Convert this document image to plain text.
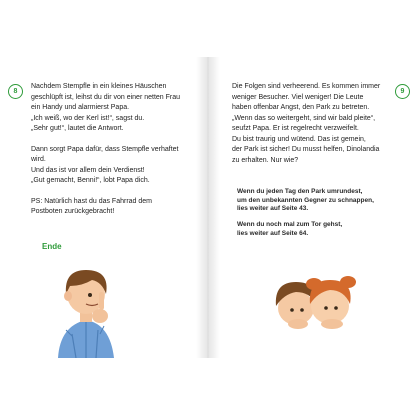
8	9

Nachdem Stempfle in ein kleines Häuschen

geschlüpft ist, leihst du dir von einer netten Frau

ein Handy und alarmierst Papa.

„Ich weiß, wo der Kerl ist!“, sagst du.

„Sehr gut!“, lautet die Antwort.

Dann sorgt Papa dafür, dass Stempfle verhaftet

wird.

Und das ist vor allem dein Verdienst!

„Gut gemacht, Benni!“, lobt Papa dich.

PS: Natürlich hast du das Fahrrad dem

Postboten zurückgebracht!

Ende

Die Folgen sind verheerend. Es kommen immer

weniger Besucher. Viel weniger! Die Leute

haben offenbar Angst, den Park zu betreten.

„Wenn das so weitergeht, sind wir bald pleite“,

seufzt Papa. Er ist regelrecht verzweifelt.

Du bist traurig und wütend. Das ist gemein,

der Park ist sicher! Du musst helfen, Dinolandia

zu erhalten. Nur wie?

Wenn du jeden Tag den Park umrundest,

um den unbekannten Gegner zu schnappen,

lies weiter auf Seite 43.

Wenn du noch mal zum Tor gehst,

lies weiter auf Seite 64.
